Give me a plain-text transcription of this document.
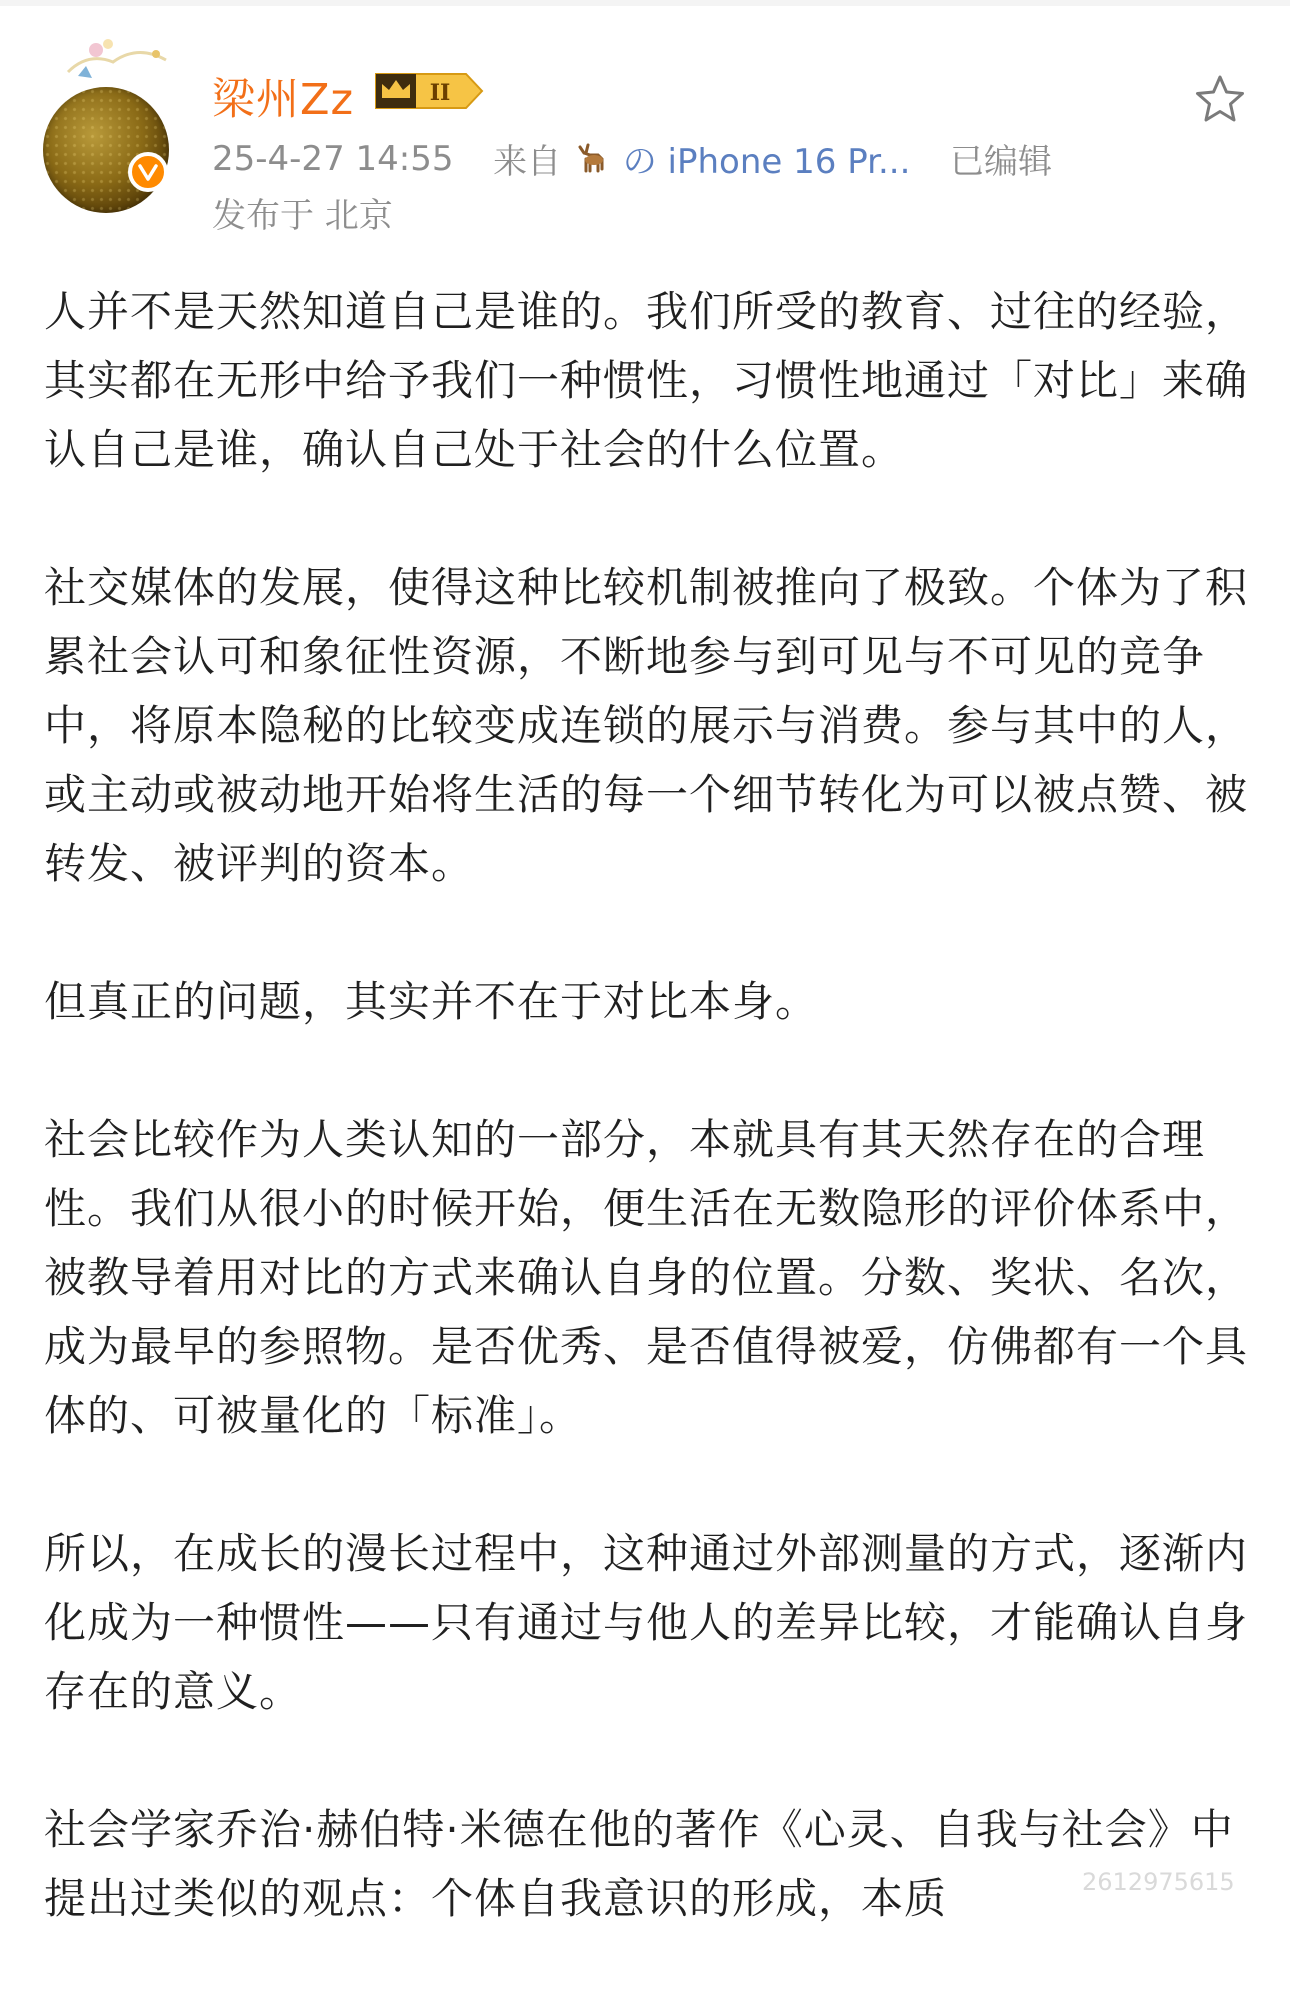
梁州Zz	II
25-4-27 14:55 来自 の iPhone 16 Pr... 已编辑
发布于 北京

人并不是天然知道自己是谁的。我们所受的教育、过往的经验，其实都在无形中给予我们一种惯性，习惯性地通过「对比」来确认自己是谁，确认自己处于社会的什么位置。

社交媒体的发展，使得这种比较机制被推向了极致。个体为了积累社会认可和象征性资源，不断地参与到可见与不可见的竞争中，将原本隐秘的比较变成连锁的展示与消费。参与其中的人，或主动或被动地开始将生活的每一个细节转化为可以被点赞、被转发、被评判的资本。

但真正的问题，其实并不在于对比本身。

社会比较作为人类认知的一部分，本就具有其天然存在的合理性。我们从很小的时候开始，便生活在无数隐形的评价体系中，被教导着用对比的方式来确认自身的位置。分数、奖状、名次，成为最早的参照物。是否优秀、是否值得被爱，仿佛都有一个具体的、可被量化的「标准」。

所以，在成长的漫长过程中，这种通过外部测量的方式，逐渐内化成为一种惯性——只有通过与他人的差异比较，才能确认自身存在的意义。

社会学家乔治·赫伯特·米德在他的著作《心灵、自我与社会》中提出过类似的观点：个体自我意识的形成，本质	2612975615
